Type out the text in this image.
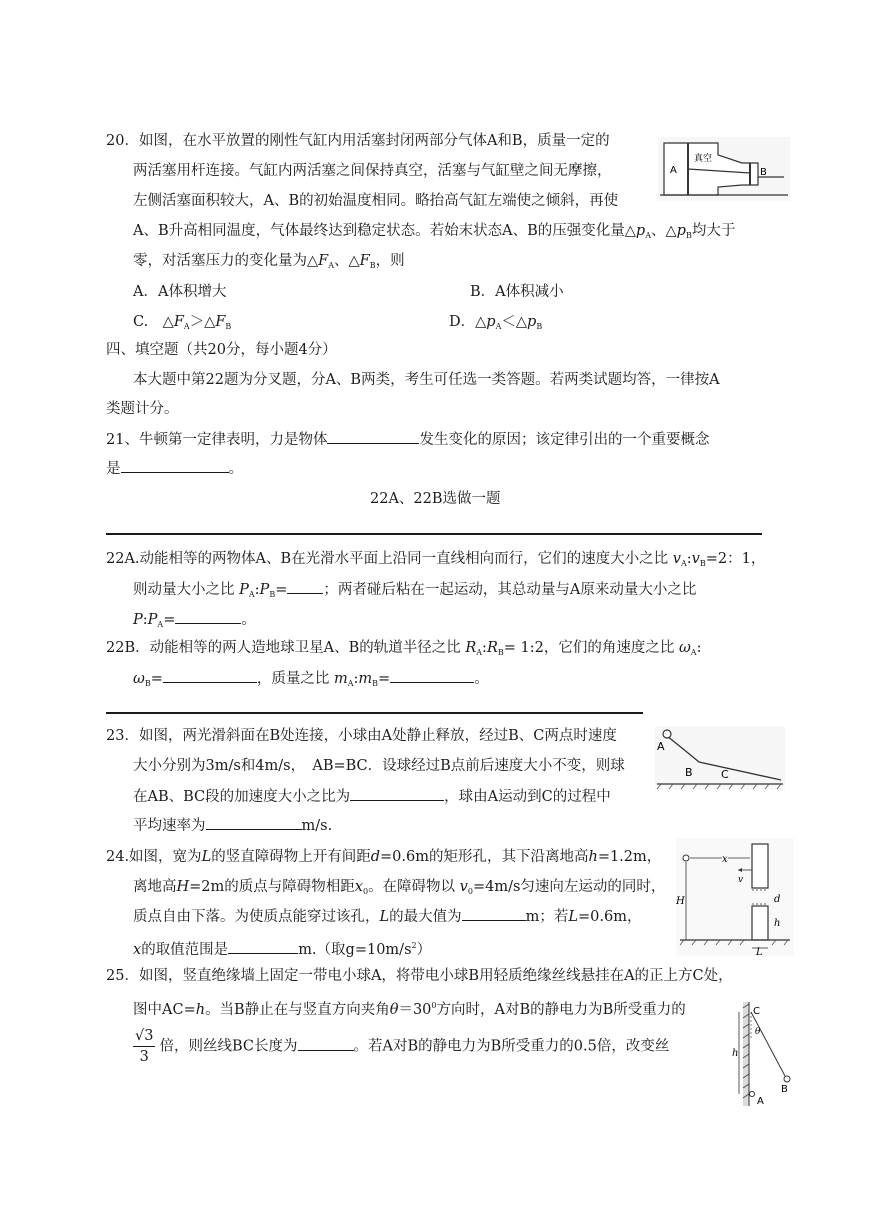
20．如图，在水平放置的刚性气缸内用活塞封闭两部分气体A和B，质量一定的
两活塞用杆连接。气缸内两活塞之间保持真空，活塞与气缸壁之间无摩擦，
左侧活塞面积较大，A、B的初始温度相同。略抬高气缸左端使之倾斜，再使
A、B升高相同温度，气体最终达到稳定状态。若始末状态A、B的压强变化量$\triangle p_A$、$\triangle p_B$均大于
零，对活塞压力的变化量为$\triangle F_A$、$\triangle F_B$，则
A．A体积增大	B．A体积减小
C.　$\triangle F_A>\triangle F_B$	D．$\triangle p_A<\triangle p_B$
A
真空
B
四、填空题（共20分，每小题4分）
本大题中第22题为分叉题，分A、B两类，考生可任选一类答题。若两类试题均答，一律按A
类题计分。
21、牛顿第一定律表明，力是物体	发生变化的原因；该定律引出的一个重要概念
是	。
22A、22B选做一题
22A.动能相等的两物体A、B在光滑水平面上沿同一直线相向而行，它们的速度大小之比 $v_A:v_B=2$：1，
则动量大小之比 $P_A:P_B=$ ；两者碰后粘在一起运动，其总动量与A原来动量大小之比
$P:P_A=$	。
22B．动能相等的两人造地球卫星A、B的轨道半径之比 $R_A:R_B=$ 1:2，它们的角速度之比 $\omega_A$:
$\omega_B=$	，质量之比 $m_A:m_B=$	。
23．如图，两光滑斜面在B处连接，小球由A处静止释放，经过B、C两点时速度
大小分别为3m/s和4m/s，　AB=BC．设球经过B点前后速度大小不变，则球
在AB、BC段的加速度大小之比为	，球由A运动到C的过程中
平均速率为	m/s.
A
B	C
24.如图，宽为L的竖直障碍物上开有间距d=0.6m的矩形孔，其下沿离地高h=1.2m，
离地高H=2m的质点与障碍物相距$x_0$。在障碍物以 $v_0=4m/s$匀速向左运动的同时，
质点自由下落。为使质点能穿过该孔，L的最大值为	m；若L=0.6m，
x的取值范围是	m.（取$g=10m/s^2$）
x
v
d
h
H
L
25．如图，竖直绝缘墙上固定一带电小球A，将带电小球B用轻质绝缘丝线悬挂在A的正上方C处，
图中AC=h。当B静止在与竖直方向夹角$\theta=30^0$方向时，A对B的静电力为B所受重力的
$\frac{√3}{3}$ 倍，则丝线BC长度为	。若A对B的静电力为B所受重力的0.5倍，改变丝	h
C
θ
B
A
